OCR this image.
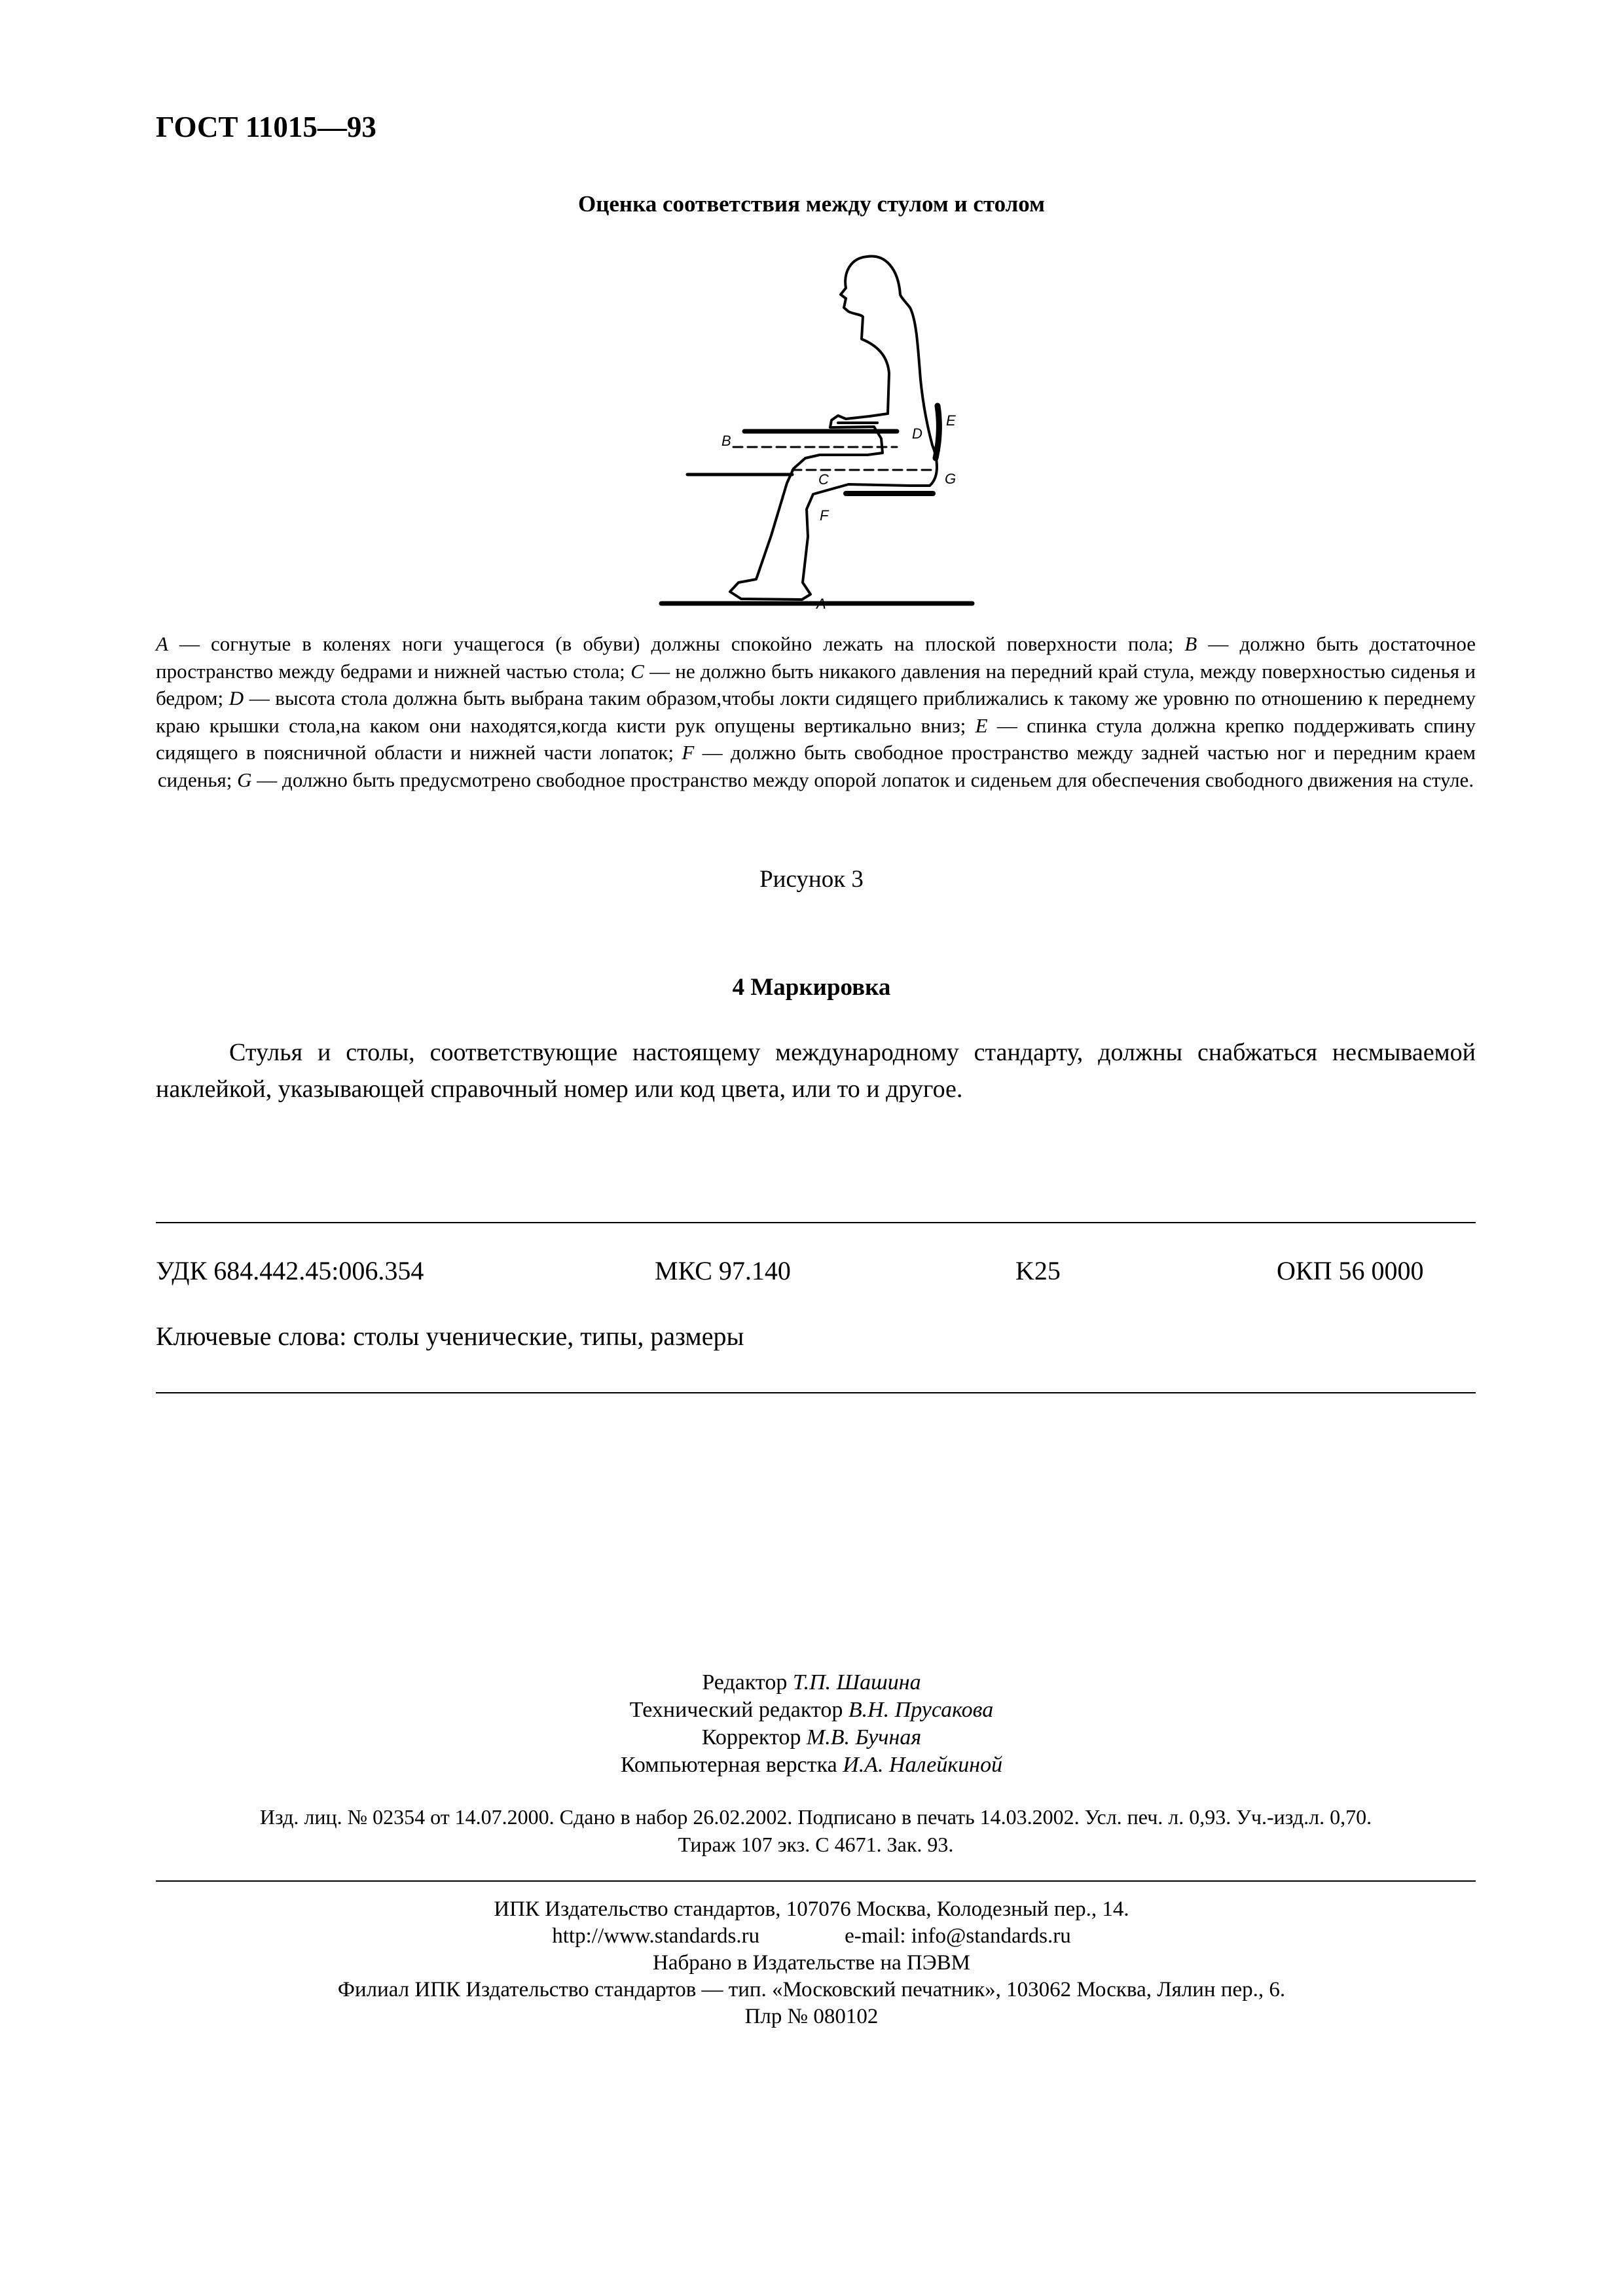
ГОСТ 11015—93
Оценка соответствия между стулом и столом
A
B
C
D
E
F
G
A — согнутые в коленях ноги учащегося (в обуви) должны спокойно лежать на плоской поверхности пола; B — должно быть достаточное пространство между бедрами и нижней частью стола; C — не должно быть никакого давления на передний край стула, между поверхностью сиденья и бедром; D — высота стола должна быть выбрана таким образом,чтобы локти сидящего приближались к такому же уровню по отношению к переднему краю крышки стола,на каком они находятся,когда кисти рук опущены вертикально вниз; E — спинка стула должна крепко поддерживать спину сидящего в поясничной области и нижней части лопаток; F — должно быть свободное пространство между задней частью ног и передним краем сиденья; G — должно быть предусмотрено свободное пространство между опорой лопаток и сиденьем для обеспечения свободного движения на стуле.
Рисунок 3
4 Маркировка
Стулья и столы, соответствующие настоящему международному стандарту, должны снабжаться несмываемой наклейкой, указывающей справочный номер или код цвета, или то и другое.
УДК 684.442.45:006.354	МКС 97.140	K25	ОКП 56 0000
Ключевые слова: столы ученические, типы, размеры
Редактор Т.П. Шашина
Технический редактор В.Н. Прусакова
Корректор М.В. Бучная
Компьютерная верстка И.А. Налейкиной
Изд. лиц. № 02354 от 14.07.2000. Сдано в набор 26.02.2002. Подписано в печать 14.03.2002. Усл. печ. л. 0,93. Уч.-изд.л. 0,70.
Тираж 107 экз. С 4671. Зак. 93.
ИПК Издательство стандартов, 107076 Москва, Колодезный пер., 14.
http://www.standards.ru	e-mail: info@standards.ru
Набрано в Издательстве на ПЭВМ
Филиал ИПК Издательство стандартов — тип. «Московский печатник», 103062 Москва, Лялин пер., 6.
Плр № 080102
